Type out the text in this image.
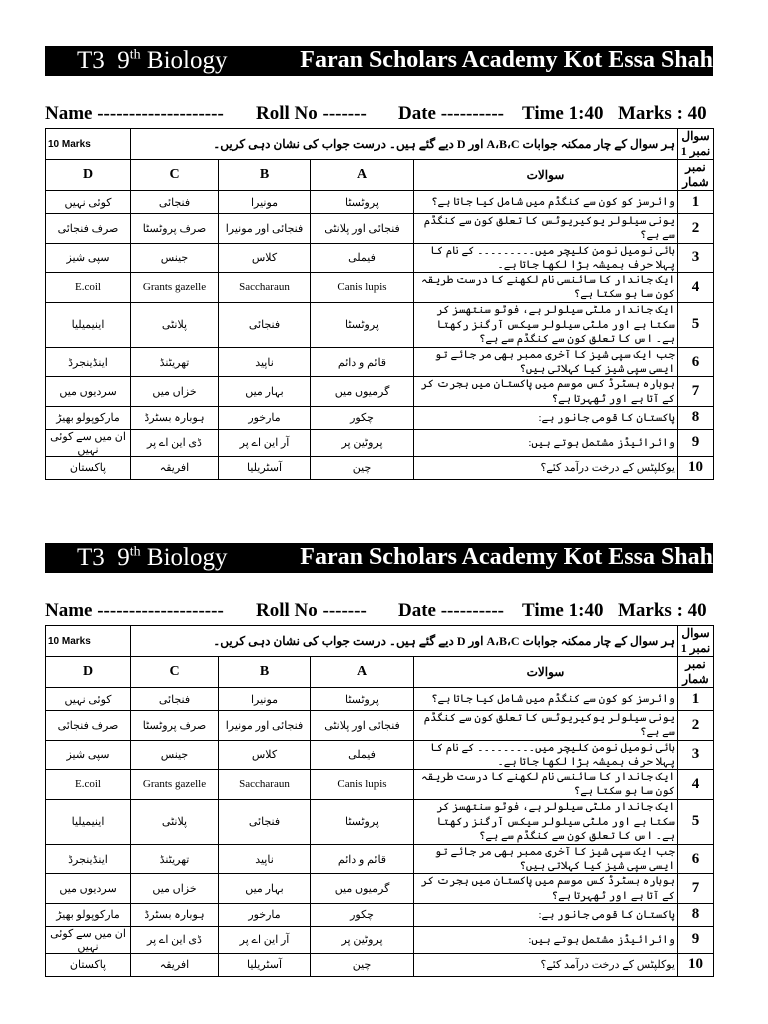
T3 9th Biology	Faran Scholars Academy Kot Essa Shah
Name -------------------- Roll No ------- Date ---------- Time 1:40 Marks : 40
10 Marks	ہر سوال کے چار ممکنہ جوابات A،B،C اور D دیے گئے ہیں۔ درست جواب کی نشان دہی کریں۔				سوال نمبر 1
D	C	B	A	سوالات	نمبر شمار
کوئی نہیں	فنجائی	مونیرا	پروٹسٹا	وائرسز کو کون سے کنگڈم میں شامل کیا جاتا ہے؟	1
صرف فنجائی	صرف پروٹسٹا	فنجائی اور مونیرا	فنجائی اور پلانٹی	یونی سیلولر یوکیریوٹس کا تعلق کون سے کنگڈم سے ہے؟	2
سپی شیز	جینس	کلاس	فیملی	بائی نومیل نومن کلیچر میں۔۔۔۔۔۔۔۔۔ کے نام کا پہلا حرف ہمیشہ بڑا لکھا جاتا ہے۔	3
E.coil	Grants gazelle	Saccharaun	Canis lupis	ایک جاندار کا سائنسی نام لکھنے کا درست طریقہ کون سا ہو سکتا ہے؟	4
اینیمیلیا	پلانٹی	فنجائی	پروٹسٹا	ایک جاندار ملٹی سیلولر ہے، فوٹو سنتھسز کر سکتا ہے اور ملٹی سیلولر سیکس آرگنز رکھتا ہے۔ اس کا تعلق کون سے کنگڈم سے ہے؟	5
اینڈینجرڈ	تھریٹنڈ	ناپید	قائم و دائم	جب ایک سپی شیز کا آخری ممبر بھی مر جائے تو ایسی سپی شیز کیا کہلاتی ہیں؟	6
سردیوں میں	خزاں میں	بہار میں	گرمیوں میں	ہوبارہ بسٹرڈ کس موسم میں پاکستان میں ہجرت کر کے آتا ہے اور ٹھہرتا ہے؟	7
مارکوپولو بھیڑ	ہوبارہ بسٹرڈ	مارخور	چکور	پاکستان کا قومی جانور ہے:	8
ان میں سے کوئی نہیں	ڈی این اے پر	آر این اے پر	پروٹین پر	وائرائیڈز مشتمل ہوتے ہیں:	9
پاکستان	افریقہ	آسٹریلیا	چین	یوکلپٹس کے درخت درآمد کئے؟	10
T3 9th Biology	Faran Scholars Academy Kot Essa Shah
Name -------------------- Roll No ------- Date ---------- Time 1:40 Marks : 40
10 Marks	ہر سوال کے چار ممکنہ جوابات A،B،C اور D دیے گئے ہیں۔ درست جواب کی نشان دہی کریں۔				سوال نمبر 1
D	C	B	A	سوالات	نمبر شمار
کوئی نہیں	فنجائی	مونیرا	پروٹسٹا	وائرسز کو کون سے کنگڈم میں شامل کیا جاتا ہے؟	1
صرف فنجائی	صرف پروٹسٹا	فنجائی اور مونیرا	فنجائی اور پلانٹی	یونی سیلولر یوکیریوٹس کا تعلق کون سے کنگڈم سے ہے؟	2
سپی شیز	جینس	کلاس	فیملی	بائی نومیل نومن کلیچر میں۔۔۔۔۔۔۔۔۔ کے نام کا پہلا حرف ہمیشہ بڑا لکھا جاتا ہے۔	3
E.coil	Grants gazelle	Saccharaun	Canis lupis	ایک جاندار کا سائنسی نام لکھنے کا درست طریقہ کون سا ہو سکتا ہے؟	4
اینیمیلیا	پلانٹی	فنجائی	پروٹسٹا	ایک جاندار ملٹی سیلولر ہے، فوٹو سنتھسز کر سکتا ہے اور ملٹی سیلولر سیکس آرگنز رکھتا ہے۔ اس کا تعلق کون سے کنگڈم سے ہے؟	5
اینڈینجرڈ	تھریٹنڈ	ناپید	قائم و دائم	جب ایک سپی شیز کا آخری ممبر بھی مر جائے تو ایسی سپی شیز کیا کہلاتی ہیں؟	6
سردیوں میں	خزاں میں	بہار میں	گرمیوں میں	ہوبارہ بسٹرڈ کس موسم میں پاکستان میں ہجرت کر کے آتا ہے اور ٹھہرتا ہے؟	7
مارکوپولو بھیڑ	ہوبارہ بسٹرڈ	مارخور	چکور	پاکستان کا قومی جانور ہے:	8
ان میں سے کوئی نہیں	ڈی این اے پر	آر این اے پر	پروٹین پر	وائرائیڈز مشتمل ہوتے ہیں:	9
پاکستان	افریقہ	آسٹریلیا	چین	یوکلپٹس کے درخت درآمد کئے؟	10
